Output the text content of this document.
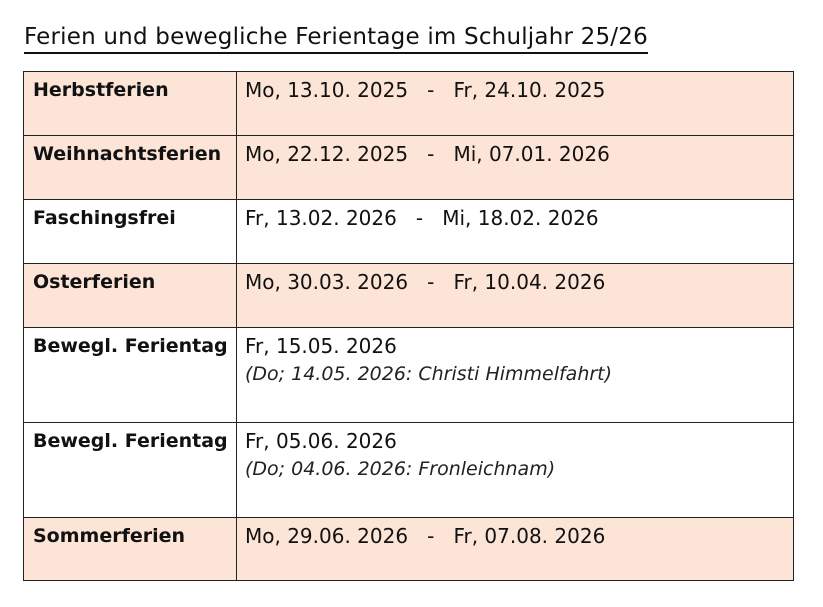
Ferien und bewegliche Ferientage im Schuljahr 25/26
Herbstferien	Mo, 13.10. 2025   -   Fr, 24.10. 2025
Weihnachtsferien	Mo, 22.12. 2025   -   Mi, 07.01. 2026
Faschingsfrei	Fr, 13.02. 2026   -   Mi, 18.02. 2026
Osterferien	Mo, 30.03. 2026   -   Fr, 10.04. 2026
Bewegl. Ferientag	Fr, 15.05. 2026
(Do; 14.05. 2026: Christi Himmelfahrt)

Bewegl. Ferientag	Fr, 05.06. 2026
(Do; 04.06. 2026: Fronleichnam)

Sommerferien	Mo, 29.06. 2026   -   Fr, 07.08. 2026
